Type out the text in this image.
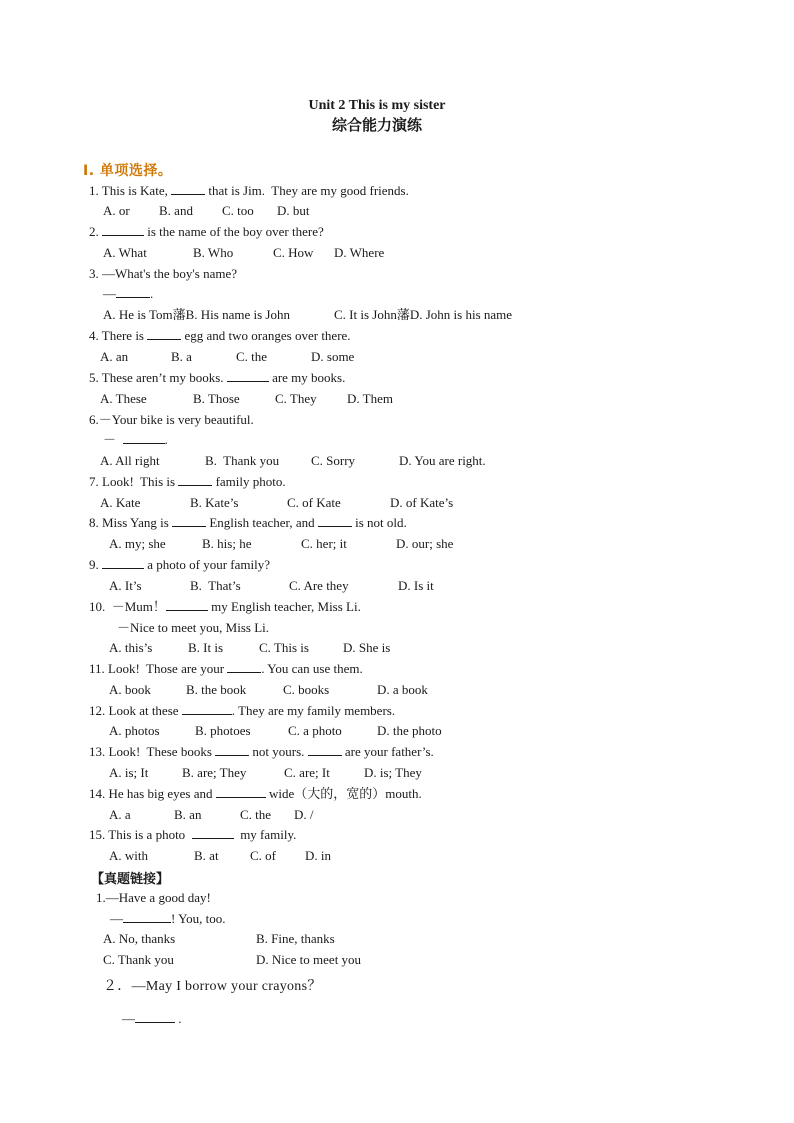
Unit 2 This is my sister
综合能力演练
I. 单项选择。
1. This is Kate,	that is Jim.  They are my good friends.
A. or B. and C. too D. but
2.	is the name of the boy over there?
A. What	B. Who	C. How D. Where
3. —What's the boy's name?
—	.
A. He is Tom藩B. His name is John	C. It is John藩D. John is his name
4. There is	egg and two oranges over there.
A. an	B. a	C. the	D. some
5. These aren’t my books.	are my books.
A. These	B. Those	C. They D. Them
6.－Your bike is very beautiful.
－	.
A. All right	B.  Thank you C. Sorry	D. You are right.
7. Look!  This is	family photo.
A. Kate	B. Kate’s	C. of Kate	D. of Kate’s
8. Miss Yang is	English teacher, and	is not old.
A. my; she	B. his; he	C. her; it	D. our; she
9.	a photo of your family?
A. It’s	B.  That’s	C. Are they	D. Is it
10.  －Mum！	my English teacher, Miss Li.
－Nice to meet you, Miss Li.
A. this’s	B. It is	C. This is	D. She is
11. Look!  Those are your	. You can use them.
A. book	B. the book	C. books	D. a book
12. Look at these	. They are my family members.
A. photos	B. photoes	C. a photo	D. the photo
13. Look!  These books	not yours.	are your father’s.
A. is; It	B. are; They	C. are; It	D. is; They
14. He has big eyes and	wide（大的，宽的）mouth.
A. a	B. an	C. the D. /
15. This is a photo	my family.
A. with	B. at C. of D. in
【真题链接】
1.—Have a good day!
—	! You, too.
A. No, thanks	B. Fine, thanks
C. Thank you	D. Nice to meet you
２．—May I borrow your crayons？
—	.
